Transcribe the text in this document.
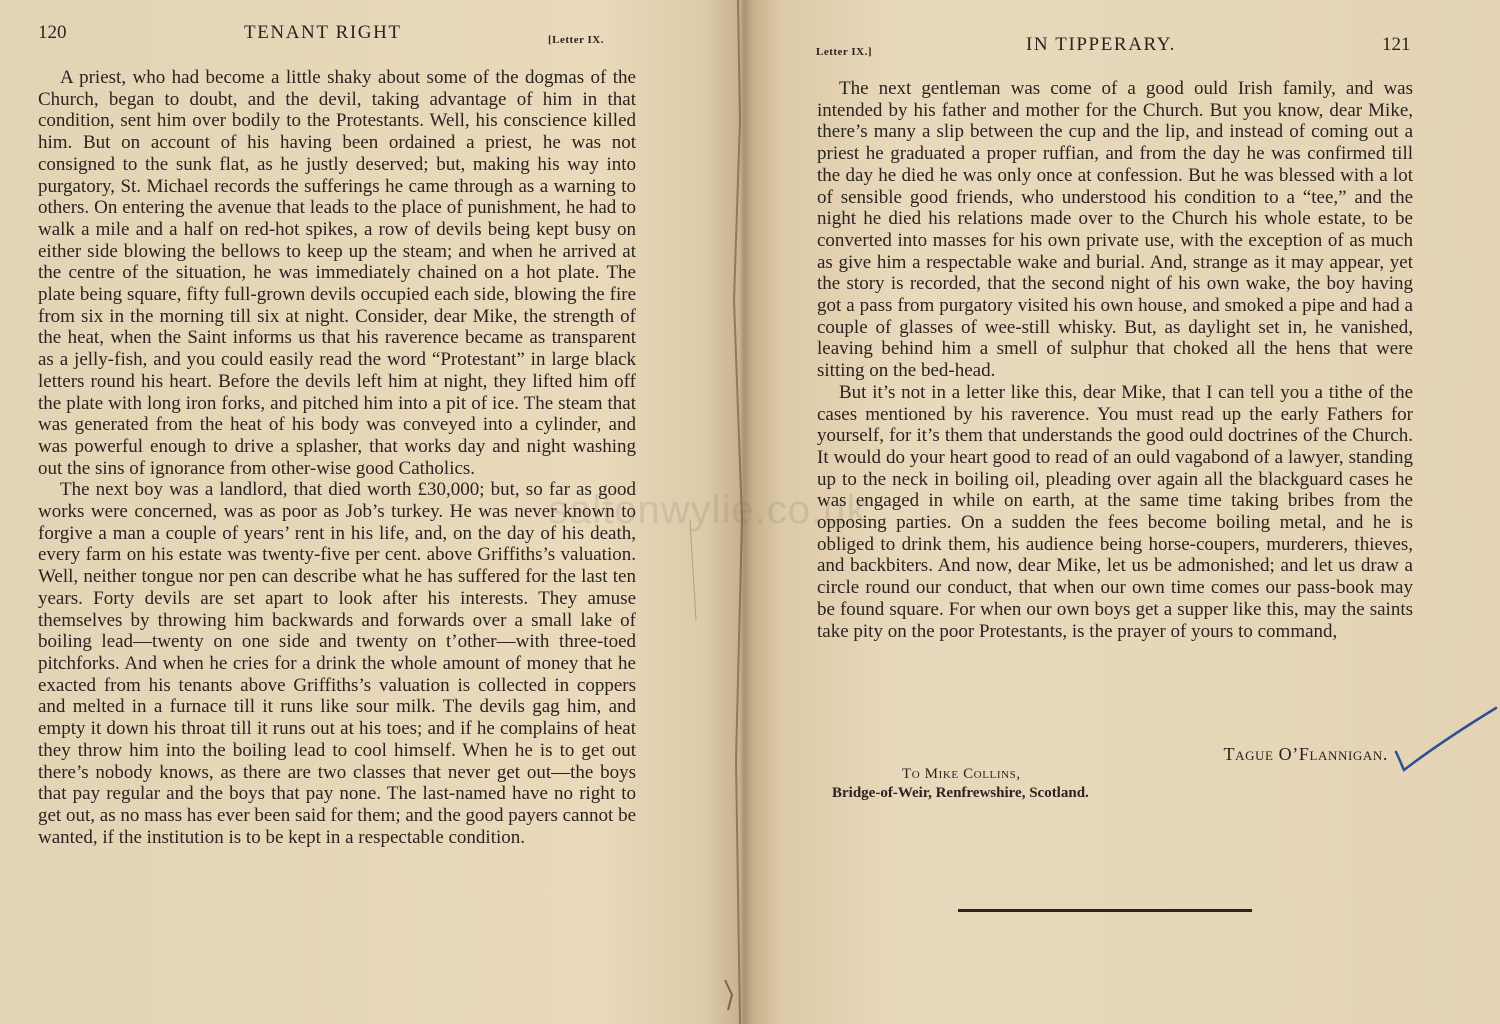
saltonwylie.co.uk
120	TENANT RIGHT	[Letter IX.

A priest, who had become a little shaky about some of the dogmas of the Church, began to doubt, and the devil, taking advantage of him in that condition, sent him over bodily to the Protestants. Well, his conscience killed him. But on account of his having been ordained a priest, he was not consigned to the sunk flat, as he justly deserved; but, making his way into purgatory, St. Michael records the sufferings he came through as a warning to others. On entering the avenue that leads to the place of punishment, he had to walk a mile and a half on red-hot spikes, a row of devils being kept busy on either side blowing the bellows to keep up the steam; and when he arrived at the centre of the situation, he was immediately chained on a hot plate. The plate being square, fifty full-grown devils occupied each side, blowing the fire from six in the morning till six at night. Consider, dear Mike, the strength of the heat, when the Saint informs us that his raverence became as transparent as a jelly-fish, and you could easily read the word “Protestant” in large black letters round his heart. Before the devils left him at night, they lifted him off the plate with long iron forks, and pitched him into a pit of ice. The steam that was generated from the heat of his body was conveyed into a cylinder, and was powerful enough to drive a splasher, that works day and night washing out the sins of ignorance from other-wise good Catholics.

The next boy was a landlord, that died worth £30,000; but, so far as good works were concerned, was as poor as Job’s turkey. He was never known to forgive a man a couple of years’ rent in his life, and, on the day of his death, every farm on his estate was twenty-five per cent. above Griffiths’s valuation. Well, neither tongue nor pen can describe what he has suffered for the last ten years. Forty devils are set apart to look after his interests. They amuse themselves by throwing him backwards and forwards over a small lake of boiling lead—twenty on one side and twenty on t’other—with three-toed pitchforks. And when he cries for a drink the whole amount of money that he exacted from his tenants above Griffiths’s valuation is collected in coppers and melted in a furnace till it runs like sour milk. The devils gag him, and empty it down his throat till it runs out at his toes; and if he complains of heat they throw him into the boiling lead to cool himself. When he is to get out there’s nobody knows, as there are two classes that never get out—the boys that pay regular and the boys that pay none. The last-named have no right to get out, as no mass has ever been said for them; and the good payers cannot be wanted, if the institution is to be kept in a respectable condition.

Letter IX.]	IN TIPPERARY.	121

The next gentleman was come of a good ould Irish family, and was intended by his father and mother for the Church. But you know, dear Mike, there’s many a slip between the cup and the lip, and instead of coming out a priest he graduated a proper ruffian, and from the day he was confirmed till the day he died he was only once at confession. But he was blessed with a lot of sensible good friends, who understood his condition to a “tee,” and the night he died his relations made over to the Church his whole estate, to be converted into masses for his own private use, with the exception of as much as give him a respectable wake and burial. And, strange as it may appear, yet the story is recorded, that the second night of his own wake, the boy having got a pass from purgatory visited his own house, and smoked a pipe and had a couple of glasses of wee-still whisky. But, as daylight set in, he vanished, leaving behind him a smell of sulphur that choked all the hens that were sitting on the bed-head.

But it’s not in a letter like this, dear Mike, that I can tell you a tithe of the cases mentioned by his raverence. You must read up the early Fathers for yourself, for it’s them that understands the good ould doctrines of the Church. It would do your heart good to read of an ould vagabond of a lawyer, standing up to the neck in boiling oil, pleading over again all the blackguard cases he was engaged in while on earth, at the same time taking bribes from the opposing parties. On a sudden the fees become boiling metal, and he is obliged to drink them, his audience being horse-coupers, murderers, thieves, and backbiters. And now, dear Mike, let us be admonished; and let us draw a circle round our conduct, that when our own time comes our pass-book may be found square. For when our own boys get a supper like this, may the saints take pity on the poor Protestants, is the prayer of yours to command,

Tague O’Flannigan.
To Mike Collins,
Bridge-of-Weir, Renfrewshire, Scotland.
